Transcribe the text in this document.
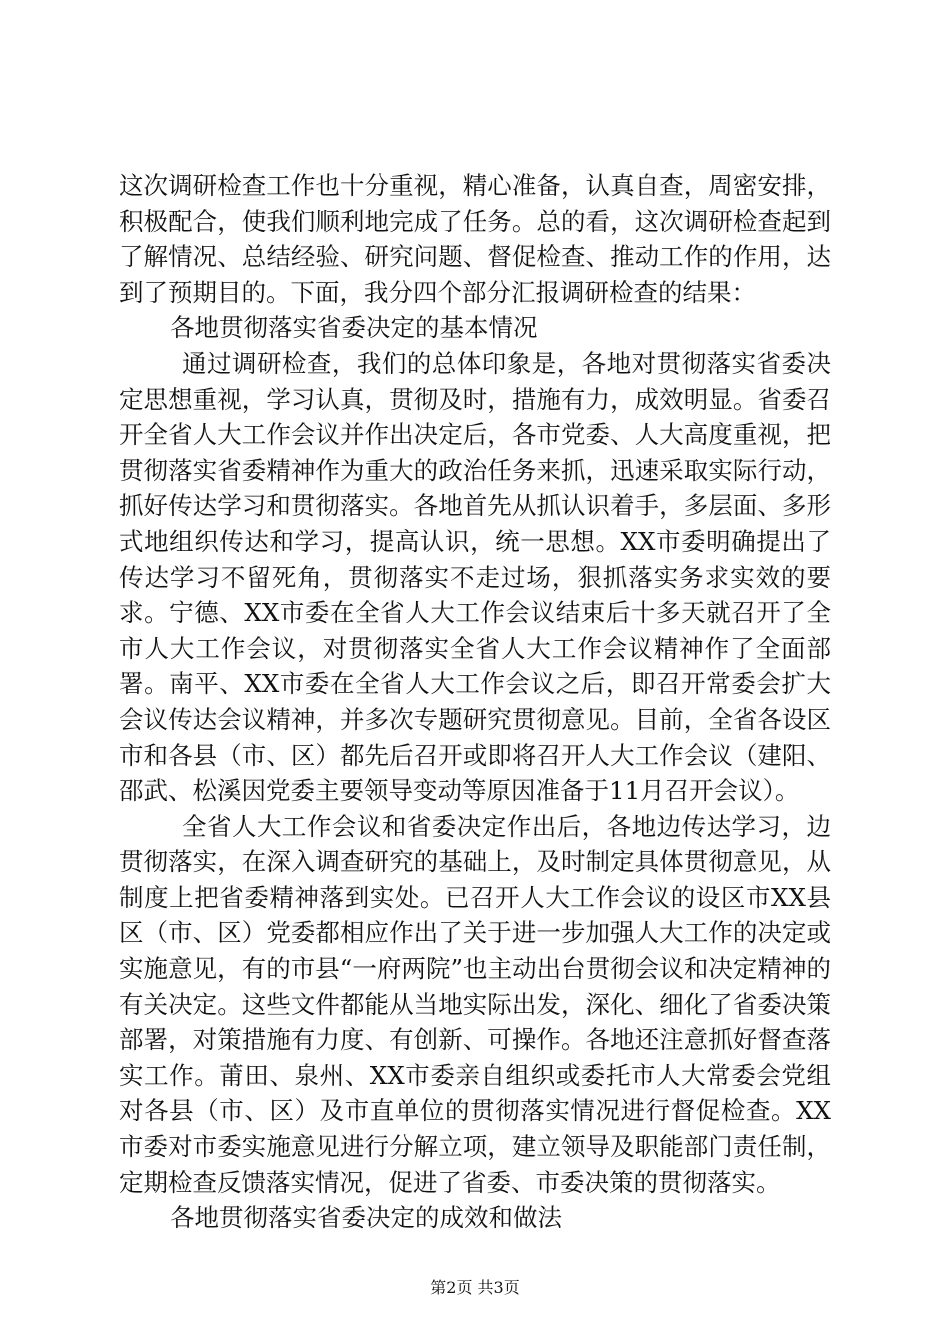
这次调研检查工作也十分重视，精心准备，认真自查，周密安排，积极配合，使我们顺利地完成了任务。总的看，这次调研检查起到了解情况、总结经验、研究问题、督促检查、推动工作的作用，达到了预期目的。下面，我分四个部分汇报调研检查的结果：

各地贯彻落实省委决定的基本情况

通过调研检查，我们的总体印象是，各地对贯彻落实省委决定思想重视，学习认真，贯彻及时，措施有力，成效明显。省委召开全省人大工作会议并作出决定后，各市党委、人大高度重视，把贯彻落实省委精神作为重大的政治任务来抓，迅速采取实际行动，抓好传达学习和贯彻落实。各地首先从抓认识着手，多层面、多形式地组织传达和学习，提高认识，统一思想。XX市委明确提出了传达学习不留死角，贯彻落实不走过场，狠抓落实务求实效的要求。宁德、XX市委在全省人大工作会议结束后十多天就召开了全市人大工作会议，对贯彻落实全省人大工作会议精神作了全面部署。南平、XX市委在全省人大工作会议之后，即召开常委会扩大会议传达会议精神，并多次专题研究贯彻意见。目前，全省各设区市和各县（市、区）都先后召开或即将召开人大工作会议（建阳、邵武、松溪因党委主要领导变动等原因准备于11月召开会议）。

全省人大工作会议和省委决定作出后，各地边传达学习，边贯彻落实，在深入调查研究的基础上，及时制定具体贯彻意见，从制度上把省委精神落到实处。已召开人大工作会议的设区市XX县区（市、区）党委都相应作出了关于进一步加强人大工作的决定或实施意见，有的市县“一府两院”也主动出台贯彻会议和决定精神的有关决定。这些文件都能从当地实际出发，深化、细化了省委决策部署，对策措施有力度、有创新、可操作。各地还注意抓好督查落实工作。莆田、泉州、XX市委亲自组织或委托市人大常委会党组对各县（市、区）及市直单位的贯彻落实情况进行督促检查。XX市委对市委实施意见进行分解立项，建立领导及职能部门责任制，定期检查反馈落实情况，促进了省委、市委决策的贯彻落实。

各地贯彻落实省委决定的成效和做法

第2页 共3页
